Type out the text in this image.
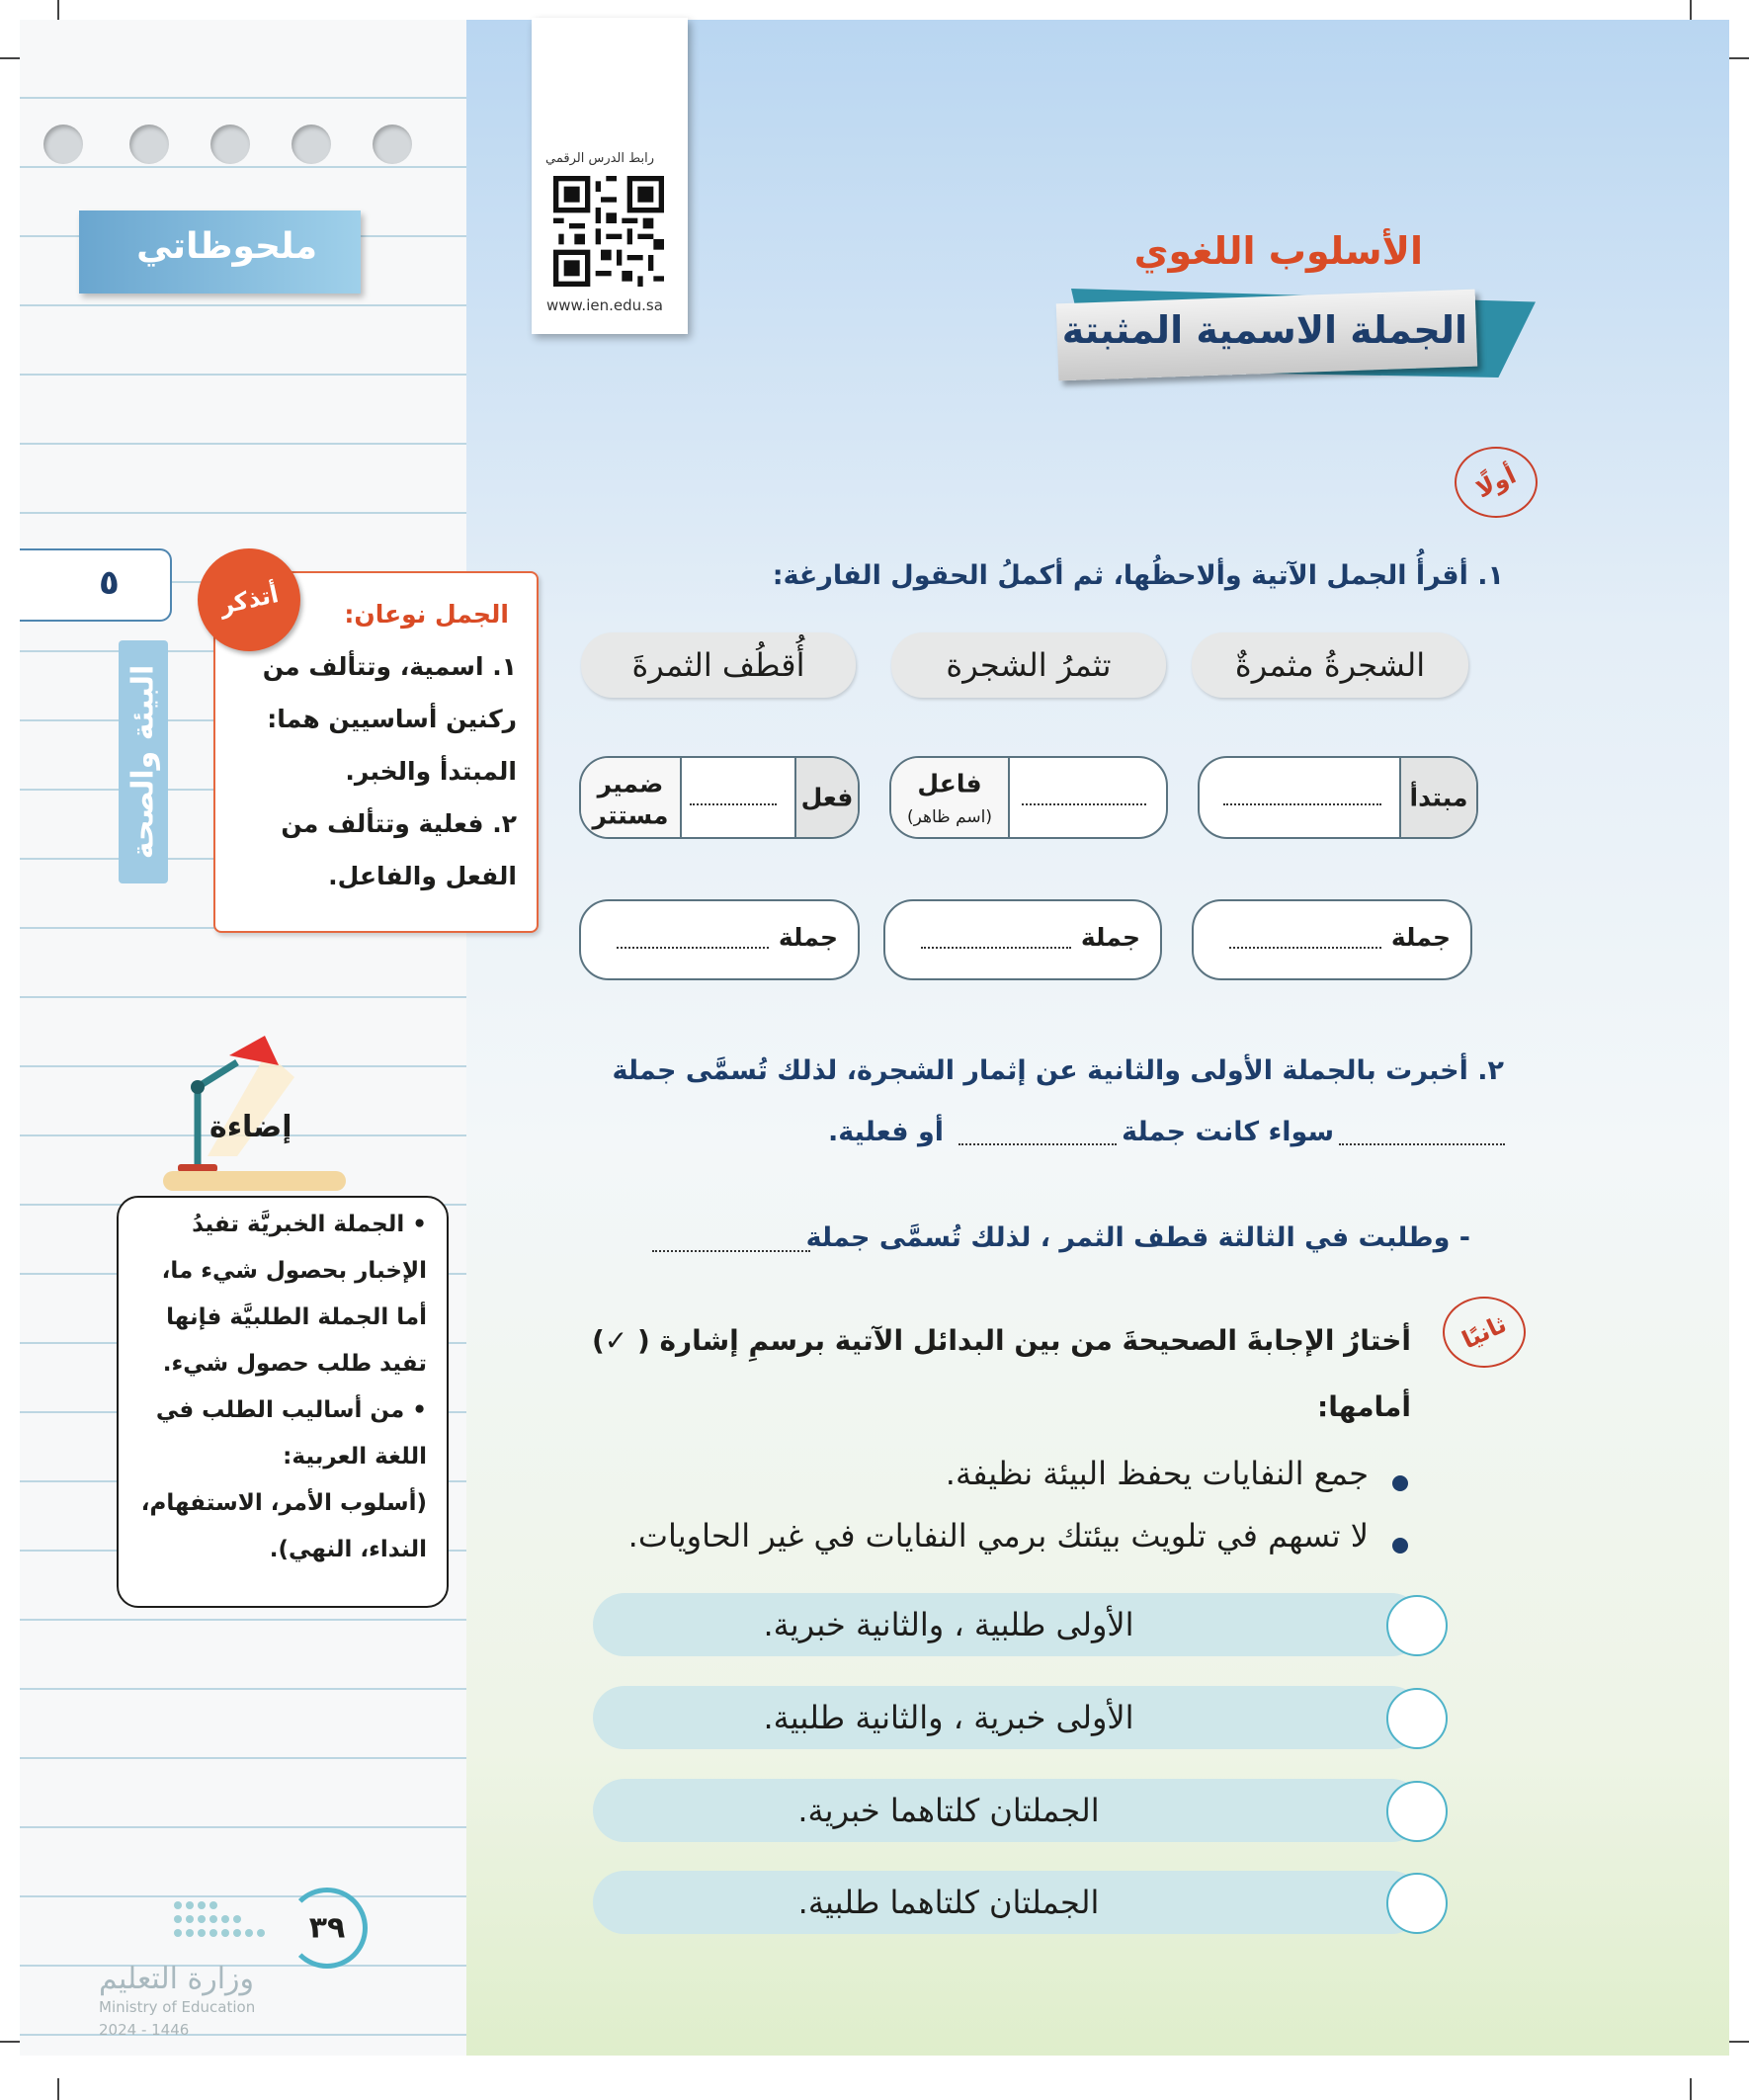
ملحوظاتي
٥
البيئة والصحة
الجمل نوعان:
١. اسمية، وتتألف من
ركنين أساسيين هما:
المبتدأ والخبر.
٢. فعلية وتتألف من
الفعل والفاعل.
أتذكر
إضاءة
• الجملة الخبريَّة تفيدُ
الإخبار بحصول شيء ما،
أما الجملة الطلبيَّة فإنها
تفيد طلب حصول شيء.
• من أساليب الطلب في
اللغة العربية:
(أسلوب الأمر، الاستفهام،
النداء، النهي).
٣٩
وزارة التعليم
Ministry of Education
2024 - 1446
رابط الدرس الرقمي
www.ien.edu.sa
الأسلوب اللغوي
الجملة الاسمية المثبتة
أولًا
١. أقرأُ الجمل الآتية وألاحظُها، ثم أكملُ الحقول الفارغة:
الشجرةُ مثمرةٌ
تثمرُ الشجرة
أُقطُف الثمرةَ
مبتدأ
فاعل
(اسم ظاهر)
فعل
ضمير
مستتر
جملة
جملة
جملة
٢. أخبرت بالجملة الأولى والثانية عن إثمار الشجرة، لذلك تُسمَّى جملة
سواء كانت جملة
أو فعلية.
- وطلبت في الثالثة قطف الثمر ، لذلك تُسمَّى جملة
ثانيًا
أختارُ الإجابةَ الصحيحةَ من بين البدائل الآتية برسمِ إشارة ( ✓)
أمامها:
جمع النفايات يحفظ البيئة نظيفة.
لا تسهم في تلويث بيئتك برمي النفايات في غير الحاويات.
الأولى طلبية ، والثانية خبرية.
الأولى خبرية ، والثانية طلبية.
الجملتان كلتاهما خبرية.
الجملتان كلتاهما طلبية.
